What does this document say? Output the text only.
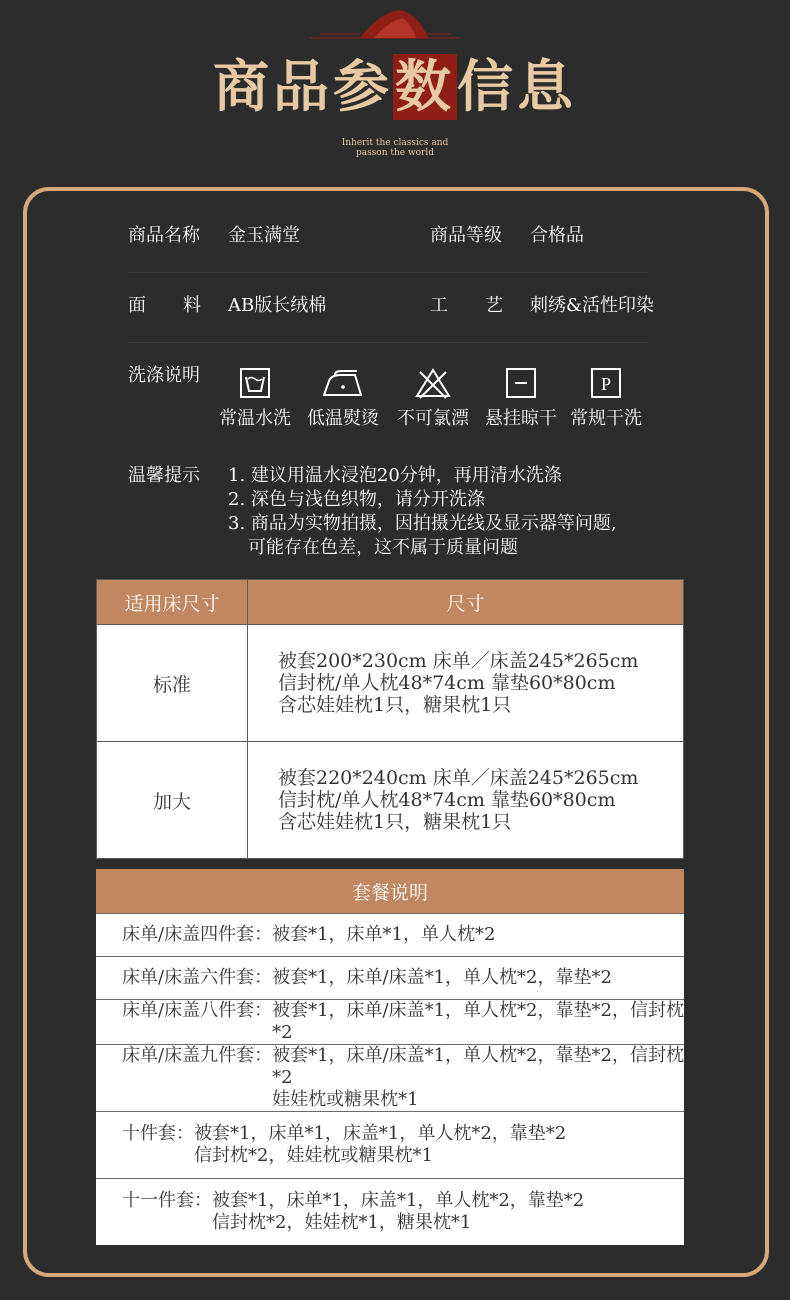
商品参数信息
Inherit the classics and
passon the world
商品名称 金玉满堂	商品等级 合格品
面 料 AB版长绒棉	工 艺 刺绣&活性印染
洗涤说明
常温水洗 低温熨烫	不可氯漂 悬挂晾干
P
常规干洗
温馨提示 1. 建议用温水浸泡20分钟，再用清水洗涤
2. 深色与浅色织物，请分开洗涤
3. 商品为实物拍摄，因拍摄光线及显示器等问题,
可能存在色差，这不属于质量问题
适用床尺寸	尺寸
标准	被套200*230cm 床单／床盖245*265cm
信封枕/单人枕48*74cm 靠垫60*80cm
含芯娃娃枕1只，糖果枕1只

加大	被套220*240cm 床单／床盖245*265cm
信封枕/单人枕48*74cm 靠垫60*80cm
含芯娃娃枕1只，糖果枕1只
套餐说明

床单/床盖四件套： 被套*1，床单*1，单人枕*2

床单/床盖六件套： 被套*1，床单/床盖*1，单人枕*2，靠垫*2

床单/床盖八件套： 被套*1，床单/床盖*1，单人枕*2，靠垫*2，信封枕*2

床单/床盖九件套： 被套*1，床单/床盖*1，单人枕*2，靠垫*2，信封枕*2
娃娃枕或糖果枕*1

十件套： 被套*1，床单*1，床盖*1，单人枕*2，靠垫*2
信封枕*2，娃娃枕或糖果枕*1

十一件套： 被套*1，床单*1，床盖*1，单人枕*2，靠垫*2
信封枕*2，娃娃枕*1，糖果枕*1
